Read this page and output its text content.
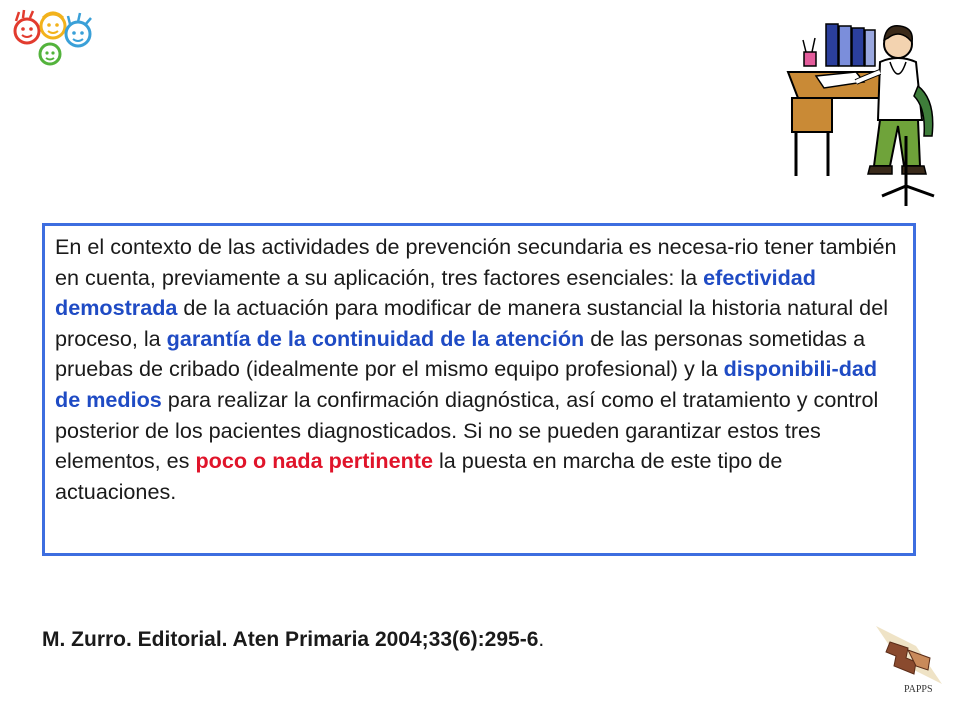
En el contexto de las actividades de prevención secundaria es necesa-rio tener también en cuenta, previamente a su aplicación, tres factores esenciales: la efectividad demostrada de la actuación para modificar de manera sustancial la historia natural del proceso, la garantía de la continuidad de la atención de las personas sometidas a pruebas de cribado (idealmente por el mismo equipo profesional) y la disponibili-dad de medios para realizar la confirmación diagnóstica, así como el tratamiento y control posterior de los pacientes diagnosticados. Si no se pueden garantizar estos tres elementos, es poco o nada pertinente la puesta en marcha de este tipo de actuaciones.

M. Zurro. Editorial. Aten Primaria 2004;33(6):295-6.
PAPPS
